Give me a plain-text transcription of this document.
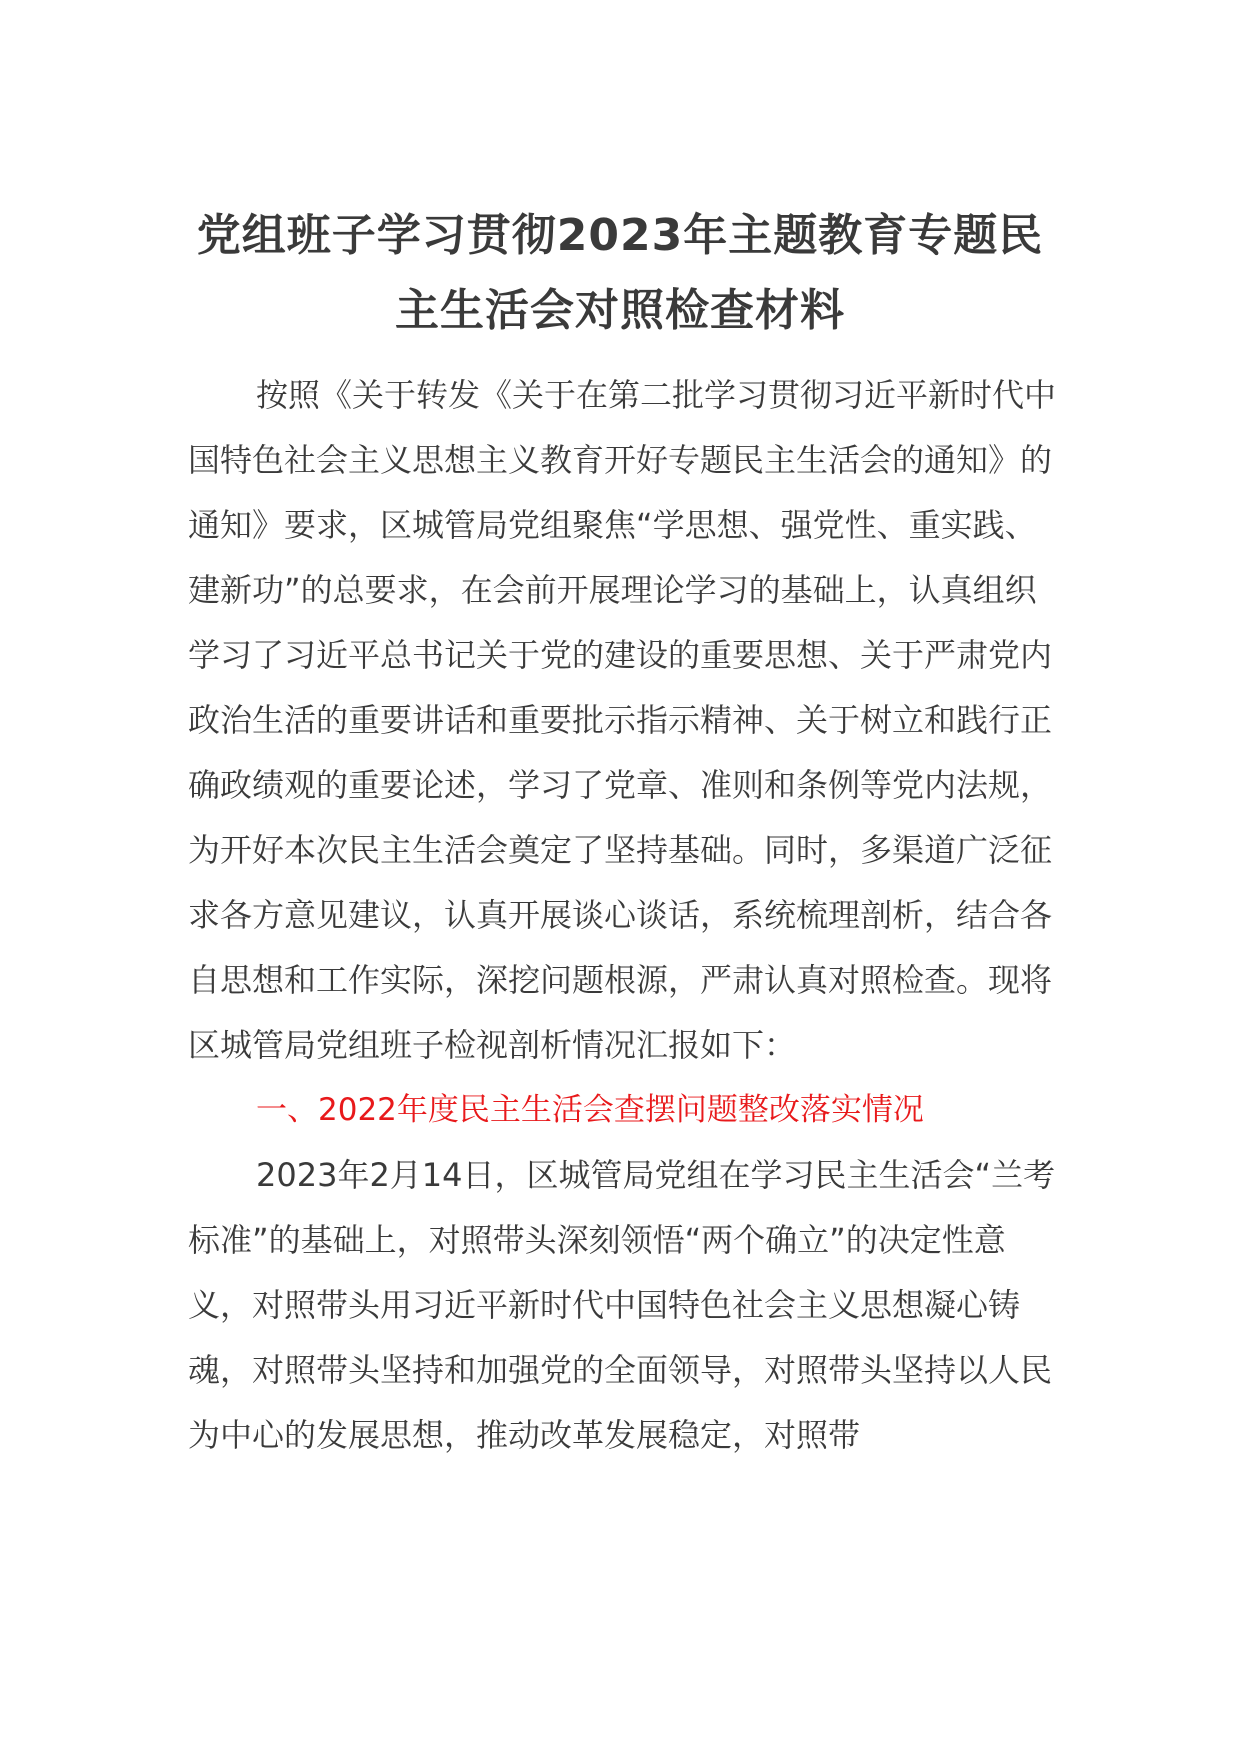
党组班子学习贯彻2023年主题教育专题民
主生活会对照检查材料

按照《关于转发《关于在第二批学习贯彻习近平新时代中国特色社会主义思想主义教育开好专题民主生活会的通知》的通知》要求，区城管局党组聚焦“学思想、强党性、重实践、建新功”的总要求，在会前开展理论学习的基础上，认真组织学习了习近平总书记关于党的建设的重要思想、关于严肃党内政治生活的重要讲话和重要批示指示精神、关于树立和践行正确政绩观的重要论述，学习了党章、准则和条例等党内法规，为开好本次民主生活会奠定了坚持基础。同时，多渠道广泛征求各方意见建议，认真开展谈心谈话，系统梳理剖析，结合各自思想和工作实际，深挖问题根源，严肃认真对照检查。现将区城管局党组班子检视剖析情况汇报如下：

一、2022年度民主生活会查摆问题整改落实情况

2023年2月14日，区城管局党组在学习民主生活会“兰考标准”的基础上，对照带头深刻领悟“两个确立”的决定性意义，对照带头用习近平新时代中国特色社会主义思想凝心铸魂，对照带头坚持和加强党的全面领导，对照带头坚持以人民为中心的发展思想，推动改革发展稳定，对照带
